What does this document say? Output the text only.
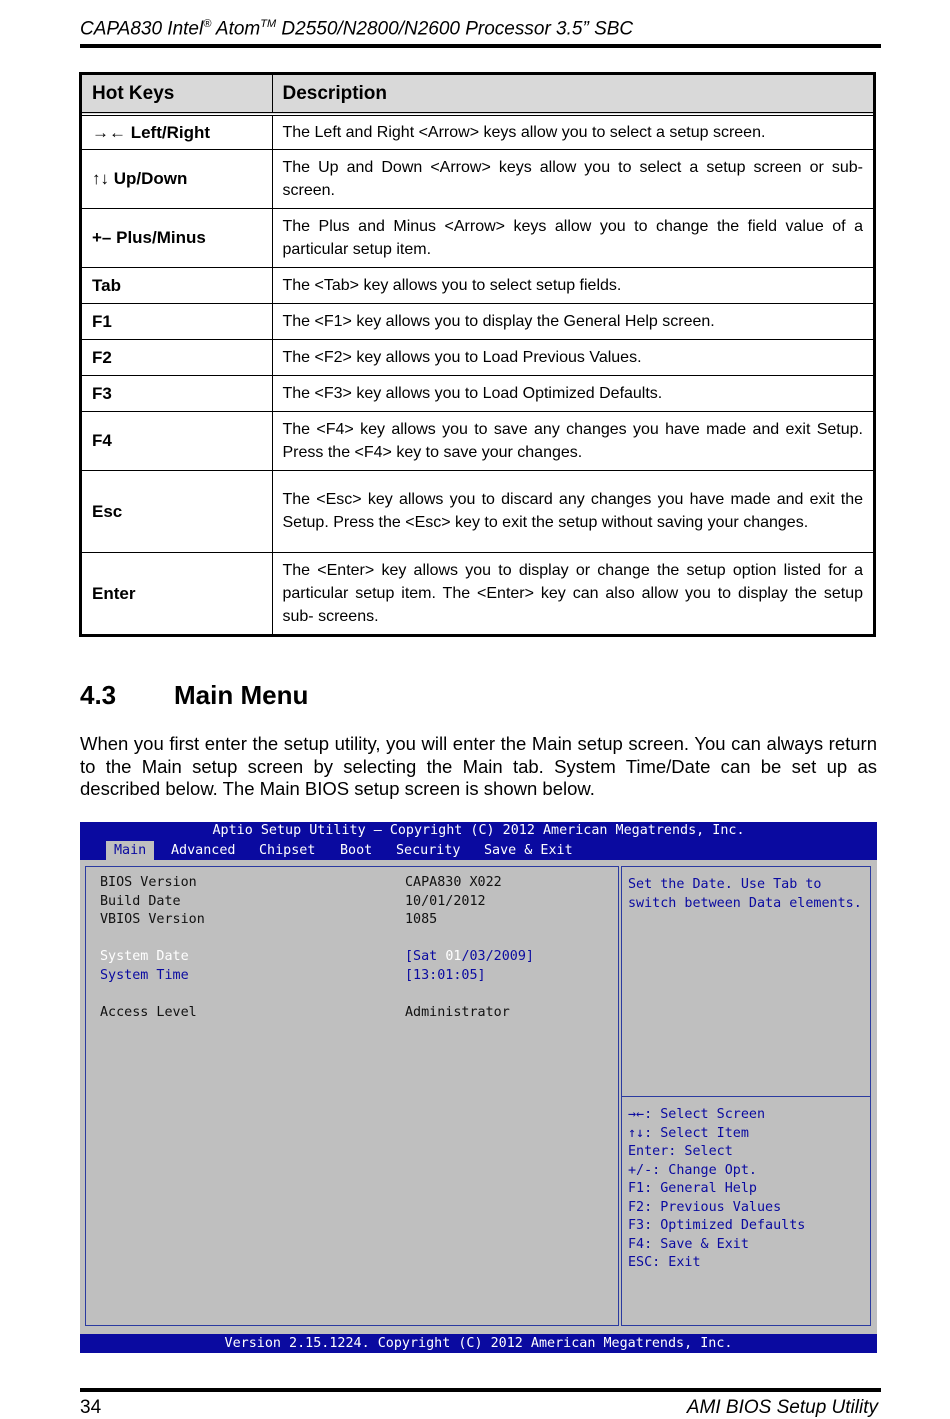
CAPA830 Intel® Atom™ D2550/N2800/N2600 Processor 3.5” SBC
Hot Keys	Description
→← Left/Right	The Left and Right <Arrow> keys allow you to select a setup screen.
↑↓ Up/Down	The Up and Down <Arrow> keys allow you to select a setup screen or sub-screen.
+– Plus/Minus	The Plus and Minus <Arrow> keys allow you to change the field value of a particular setup item.
Tab	The <Tab> key allows you to select setup fields.
F1	The <F1> key allows you to display the General Help screen.
F2	The <F2> key allows you to Load Previous Values.
F3	The <F3> key allows you to Load Optimized Defaults.
F4	The <F4> key allows you to save any changes you have made and exit Setup. Press the <F4> key to save your changes.
Esc	The <Esc> key allows you to discard any changes you have made and exit the Setup. Press the <Esc> key to exit the setup without saving your changes.
Enter	The <Enter> key allows you to display or change the setup option listed for a particular setup item. The <Enter> key can also allow you to display the setup sub- screens.
4.3 Main Menu
When you first enter the setup utility, you will enter the Main setup screen. You can always return to the Main setup screen by selecting the Main tab. System Time/Date can be set up as described below. The Main BIOS setup screen is shown below.
Aptio Setup Utility – Copyright (C) 2012 American Megatrends, Inc.
Main	Advanced	Chipset	Boot	Security	Save & Exit
BIOS Version	CAPA830 X022
Build Date	10/01/2012
VBIOS Version	1085
System Date	[Sat 01/03/2009]
System Time	[13:01:05]
Access Level	Administrator
Set the Date. Use Tab to
switch between Data elements.
→←: Select Screen
↑↓: Select Item
Enter: Select
+/-: Change Opt.
F1: General Help
F2: Previous Values
F3: Optimized Defaults
F4: Save & Exit
ESC: Exit
Version 2.15.1224. Copyright (C) 2012 American Megatrends, Inc.
34	AMI BIOS Setup Utility
